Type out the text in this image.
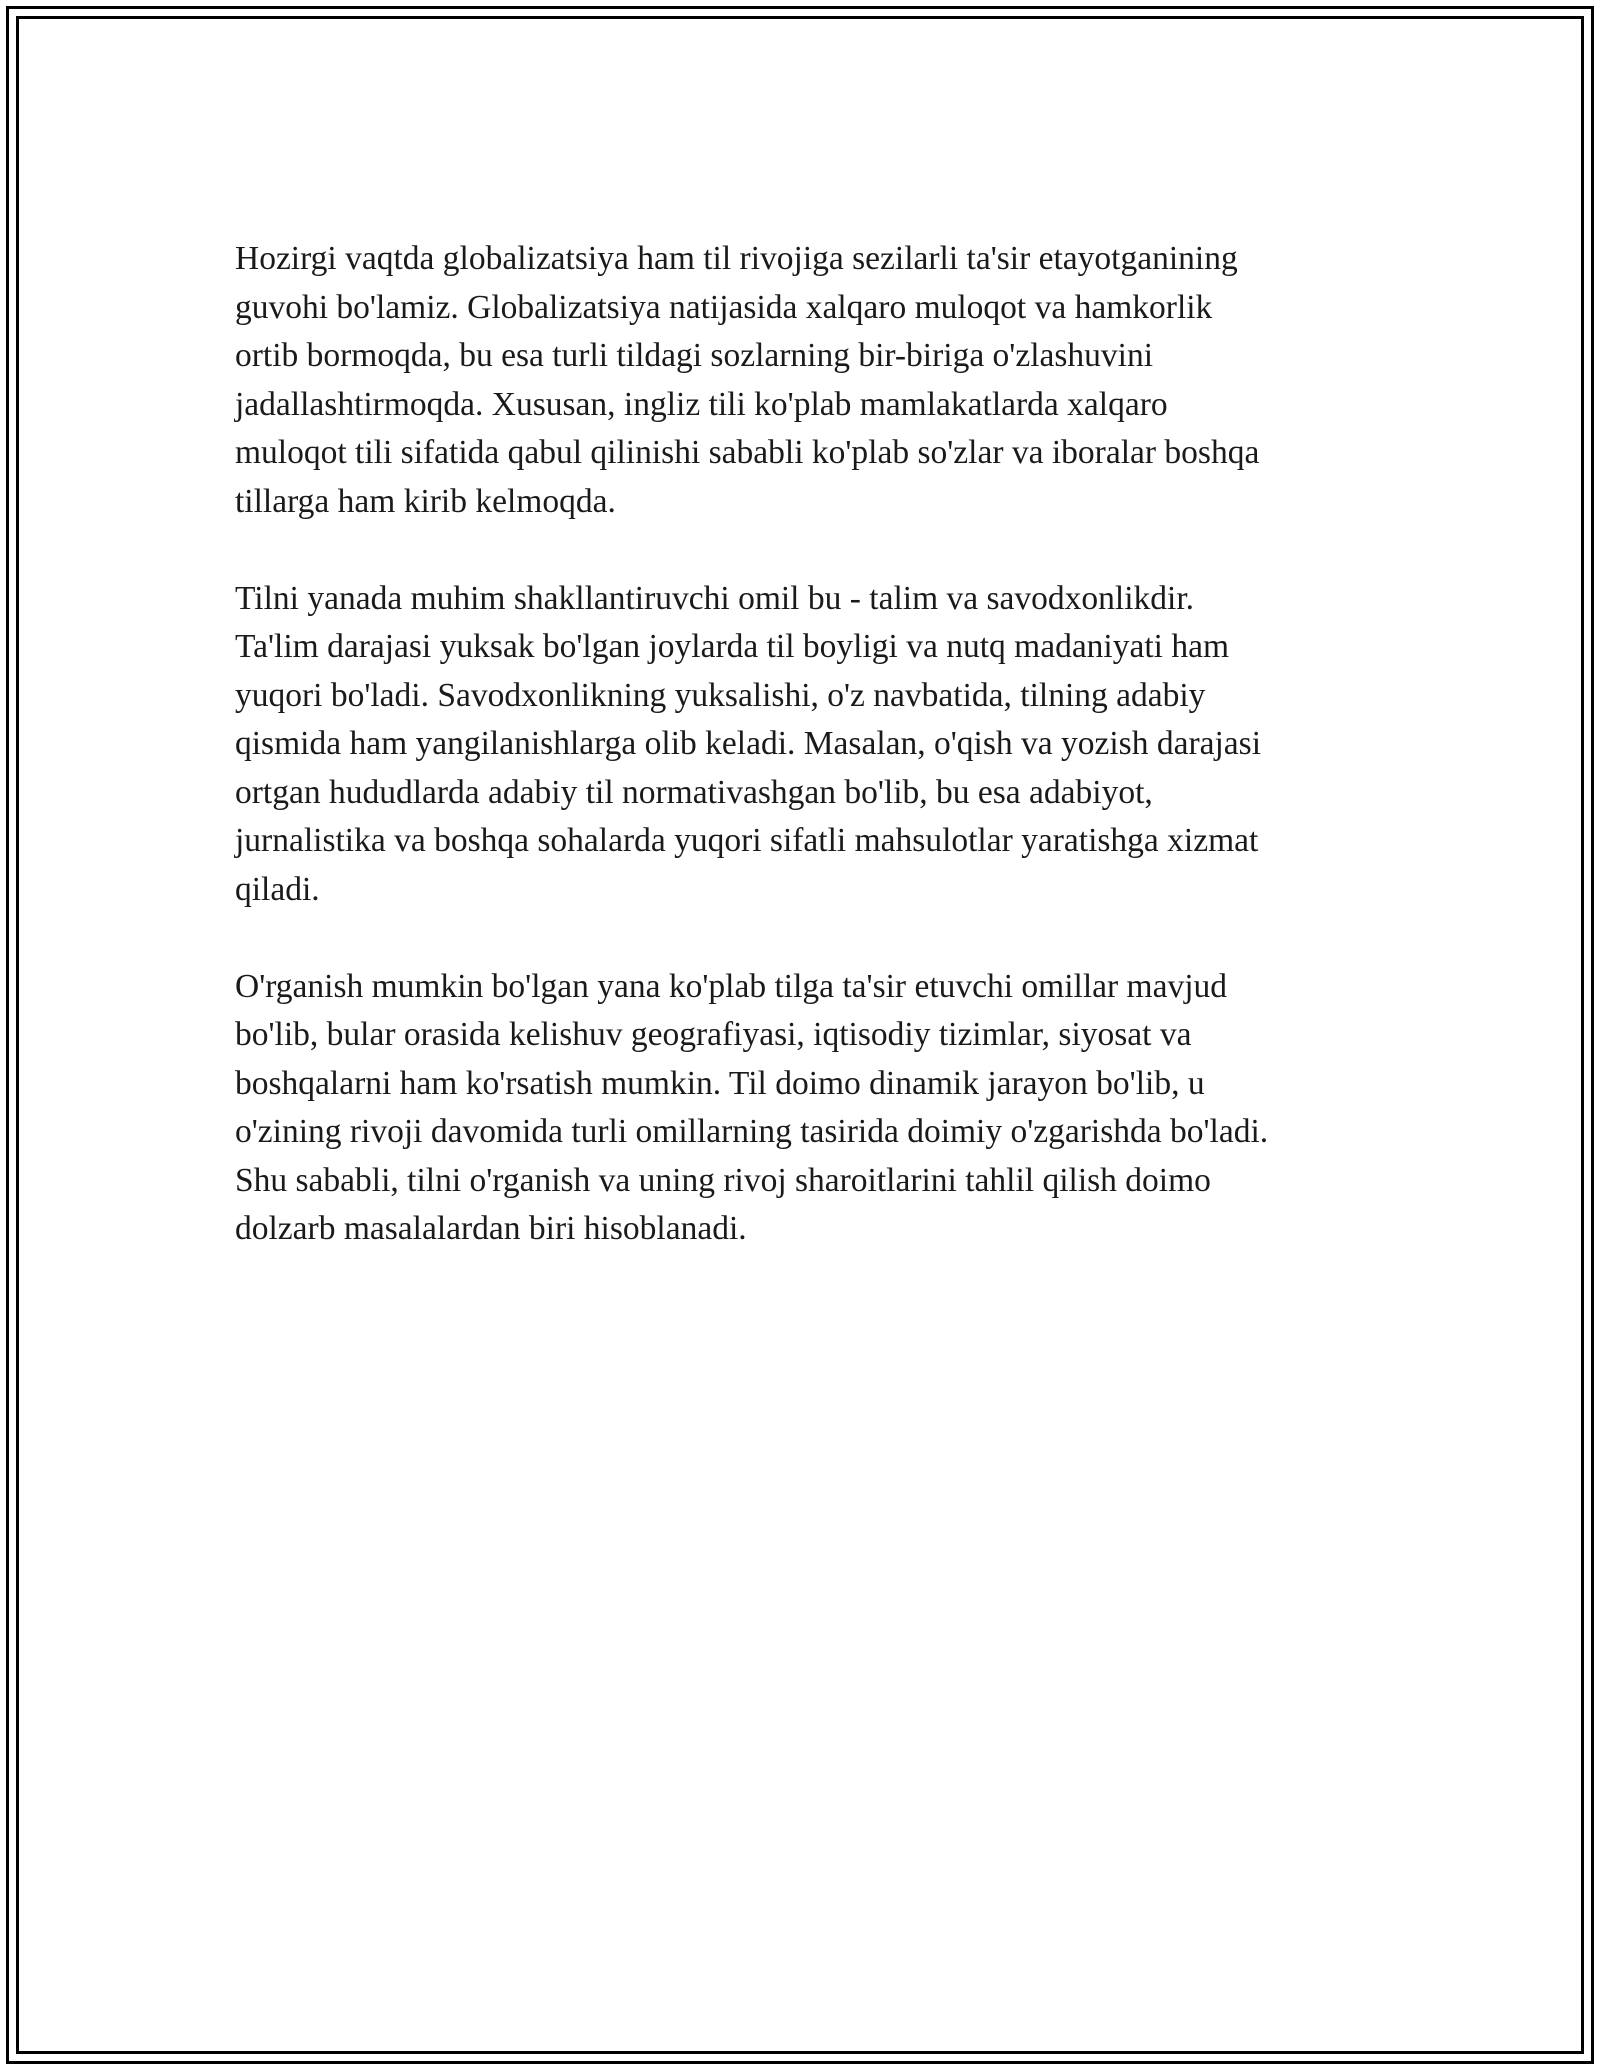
Hozirgi vaqtda globalizatsiya ham til rivojiga sezilarli ta'sir etayotganining
guvohi bo'lamiz. Globalizatsiya natijasida xalqaro muloqot va hamkorlik
ortib bormoqda, bu esa turli tildagi sozlarning bir-biriga o'zlashuvini
jadallashtirmoqda. Xususan, ingliz tili ko'plab mamlakatlarda xalqaro
muloqot tili sifatida qabul qilinishi sababli ko'plab so'zlar va iboralar boshqa
tillarga ham kirib kelmoqda.

Tilni yanada muhim shakllantiruvchi omil bu - talim va savodxonlikdir.
Ta'lim darajasi yuksak bo'lgan joylarda til boyligi va nutq madaniyati ham
yuqori bo'ladi. Savodxonlikning yuksalishi, o'z navbatida, tilning adabiy
qismida ham yangilanishlarga olib keladi. Masalan, o'qish va yozish darajasi
ortgan hududlarda adabiy til normativashgan bo'lib, bu esa adabiyot,
jurnalistika va boshqa sohalarda yuqori sifatli mahsulotlar yaratishga xizmat
qiladi.

O'rganish mumkin bo'lgan yana ko'plab tilga ta'sir etuvchi omillar mavjud
bo'lib, bular orasida kelishuv geografiyasi, iqtisodiy tizimlar, siyosat va
boshqalarni ham ko'rsatish mumkin. Til doimo dinamik jarayon bo'lib, u
o'zining rivoji davomida turli omillarning tasirida doimiy o'zgarishda bo'ladi.
Shu sababli, tilni o'rganish va uning rivoj sharoitlarini tahlil qilish doimo
dolzarb masalalardan biri hisoblanadi.
